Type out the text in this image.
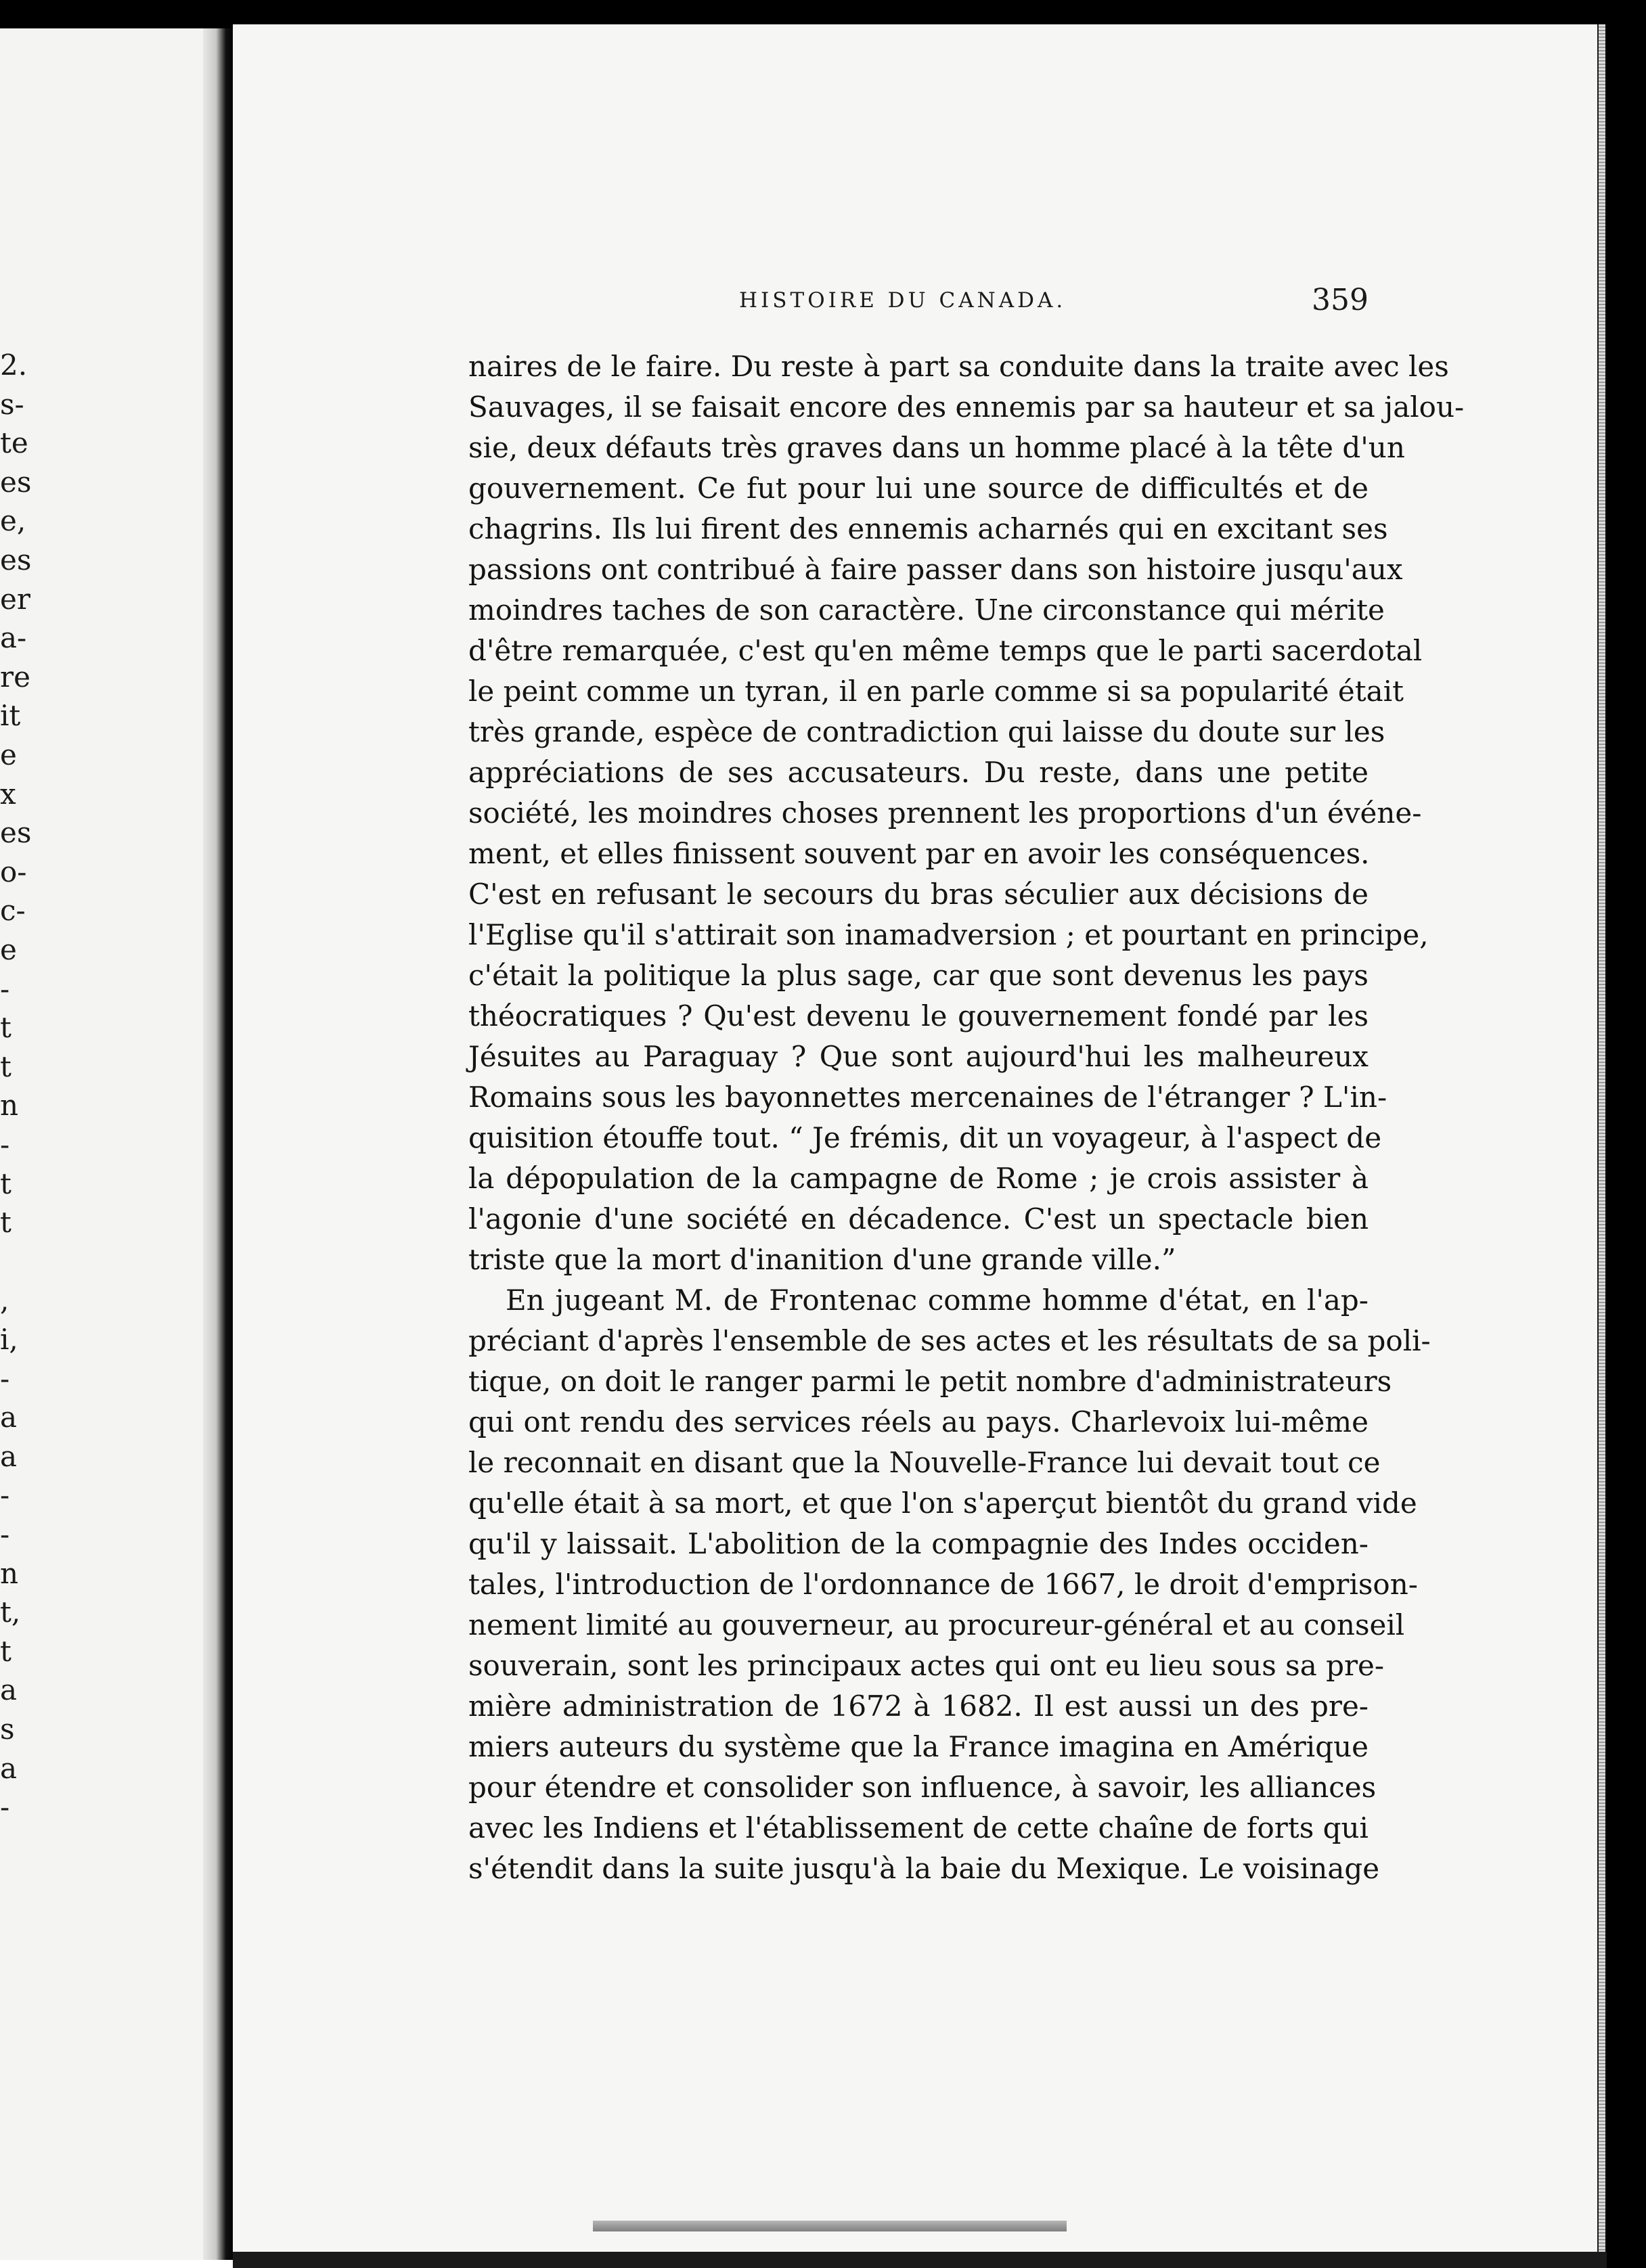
2.
s-
te
es
e,
es
er
a-
re
it
e
x
es
o-
c-
e
-
t
t
n
-
t
t
,
i,
-
a
a
-
-
n
t,
t
a
s
a
-
HISTOIRE DU CANADA.	359
naires de le faire. Du reste à part sa conduite dans la traite avec les
Sauvages, il se faisait encore des ennemis par sa hauteur et sa jalou-
sie, deux défauts très graves dans un homme placé à la tête d'un
gouvernement. Ce fut pour lui une source de difficultés et de
chagrins. Ils lui firent des ennemis acharnés qui en excitant ses
passions ont contribué à faire passer dans son histoire jusqu'aux
moindres taches de son caractère. Une circonstance qui mérite
d'être remarquée, c'est qu'en même temps que le parti sacerdotal
le peint comme un tyran, il en parle comme si sa popularité était
très grande, espèce de contradiction qui laisse du doute sur les
appréciations de ses accusateurs. Du reste, dans une petite
société, les moindres choses prennent les proportions d'un événe-
ment, et elles finissent souvent par en avoir les conséquences.
C'est en refusant le secours du bras séculier aux décisions de
l'Eglise qu'il s'attirait son inamadversion ; et pourtant en principe,
c'était la politique la plus sage, car que sont devenus les pays
théocratiques ? Qu'est devenu le gouvernement fondé par les
Jésuites au Paraguay ? Que sont aujourd'hui les malheureux
Romains sous les bayonnettes mercenaines de l'étranger ? L'in-
quisition étouffe tout. “ Je frémis, dit un voyageur, à l'aspect de
la dépopulation de la campagne de Rome ; je crois assister à
l'agonie d'une société en décadence. C'est un spectacle bien
triste que la mort d'inanition d'une grande ville.”
En jugeant M. de Frontenac comme homme d'état, en l'ap-
préciant d'après l'ensemble de ses actes et les résultats de sa poli-
tique, on doit le ranger parmi le petit nombre d'administrateurs
qui ont rendu des services réels au pays. Charlevoix lui-même
le reconnait en disant que la Nouvelle-France lui devait tout ce
qu'elle était à sa mort, et que l'on s'aperçut bientôt du grand vide
qu'il y laissait. L'abolition de la compagnie des Indes occiden-
tales, l'introduction de l'ordonnance de 1667, le droit d'emprison-
nement limité au gouverneur, au procureur-général et au conseil
souverain, sont les principaux actes qui ont eu lieu sous sa pre-
mière administration de 1672 à 1682. Il est aussi un des pre-
miers auteurs du système que la France imagina en Amérique
pour étendre et consolider son influence, à savoir, les alliances
avec les Indiens et l'établissement de cette chaîne de forts qui
s'étendit dans la suite jusqu'à la baie du Mexique. Le voisinage
